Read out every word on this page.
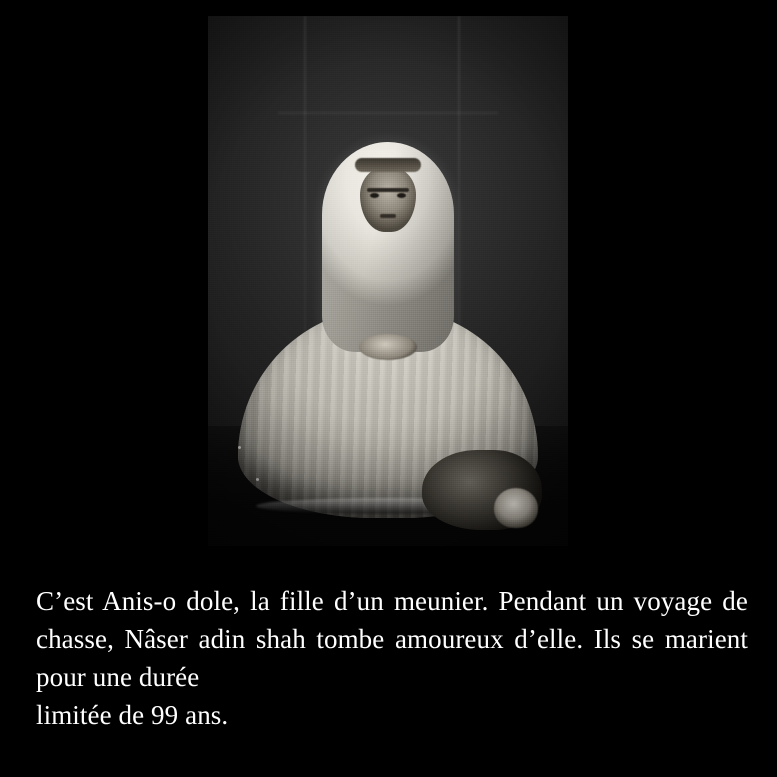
C’est Anis-o dole, la fille d’un meunier. Pendant un voyage de chasse, Nâser adin shah tombe amoureux d’elle. Ils se marient pour une durée
limitée de 99 ans.
